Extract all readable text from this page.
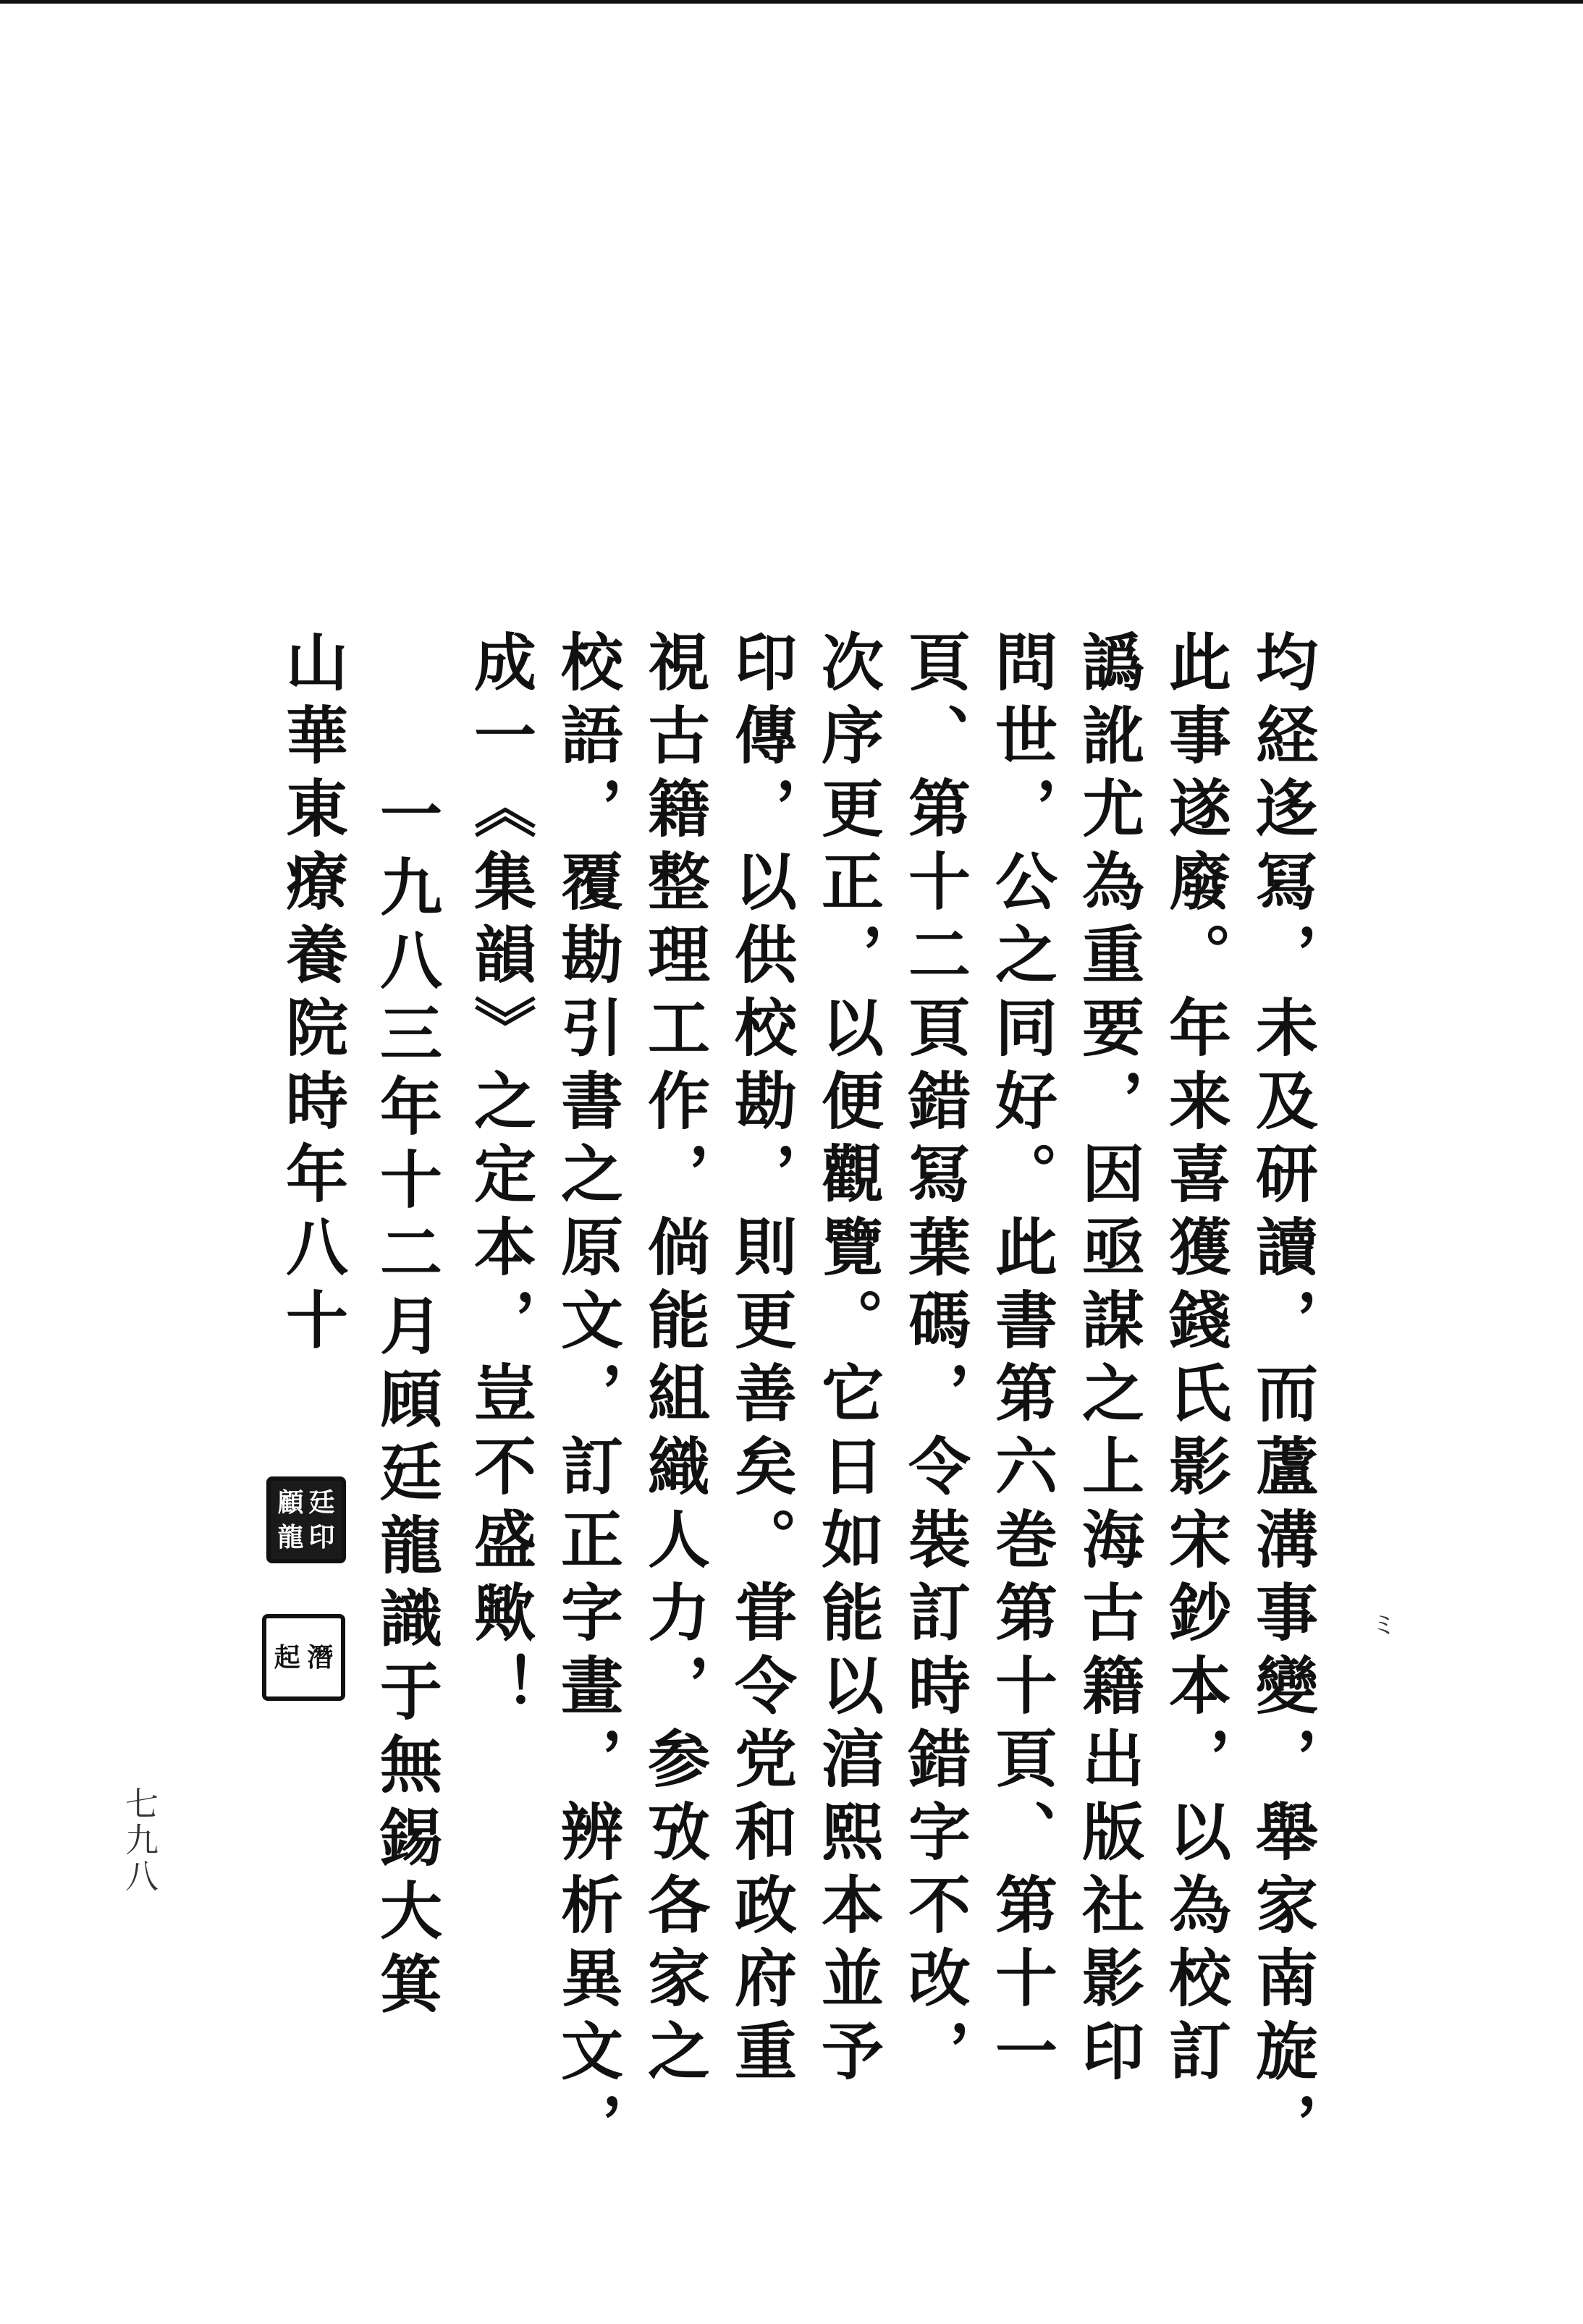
均経迻冩，未及研讀，而蘆溝事變，舉家南旋，
此事遂廢。年来喜獲錢氏影宋鈔本，以為校訂
譌訛尤為重要，因亟謀之上海古籍出版社影印
問世，公之同好。此書第六巻第十頁、第十一
頁、第十二頁錯冩葉碼，令裝訂時錯字不改，
次序更正，以便觀覽。它日如能以湻熙本並予
印傳，以供校勘，則更善矣。甞令党和政府重
視古籍整理工作，倘能組織人力，参攷各家之
校語，覆勘引書之原文，訂正字畫，辨析異文，
成一《集韻》之定本，豈不盛歟！
一九八三年十二月頋廷龍識于無錫大箕
山華東療養院時年八十
顧 廷
龍 印
起 潛
ミ
七九八
